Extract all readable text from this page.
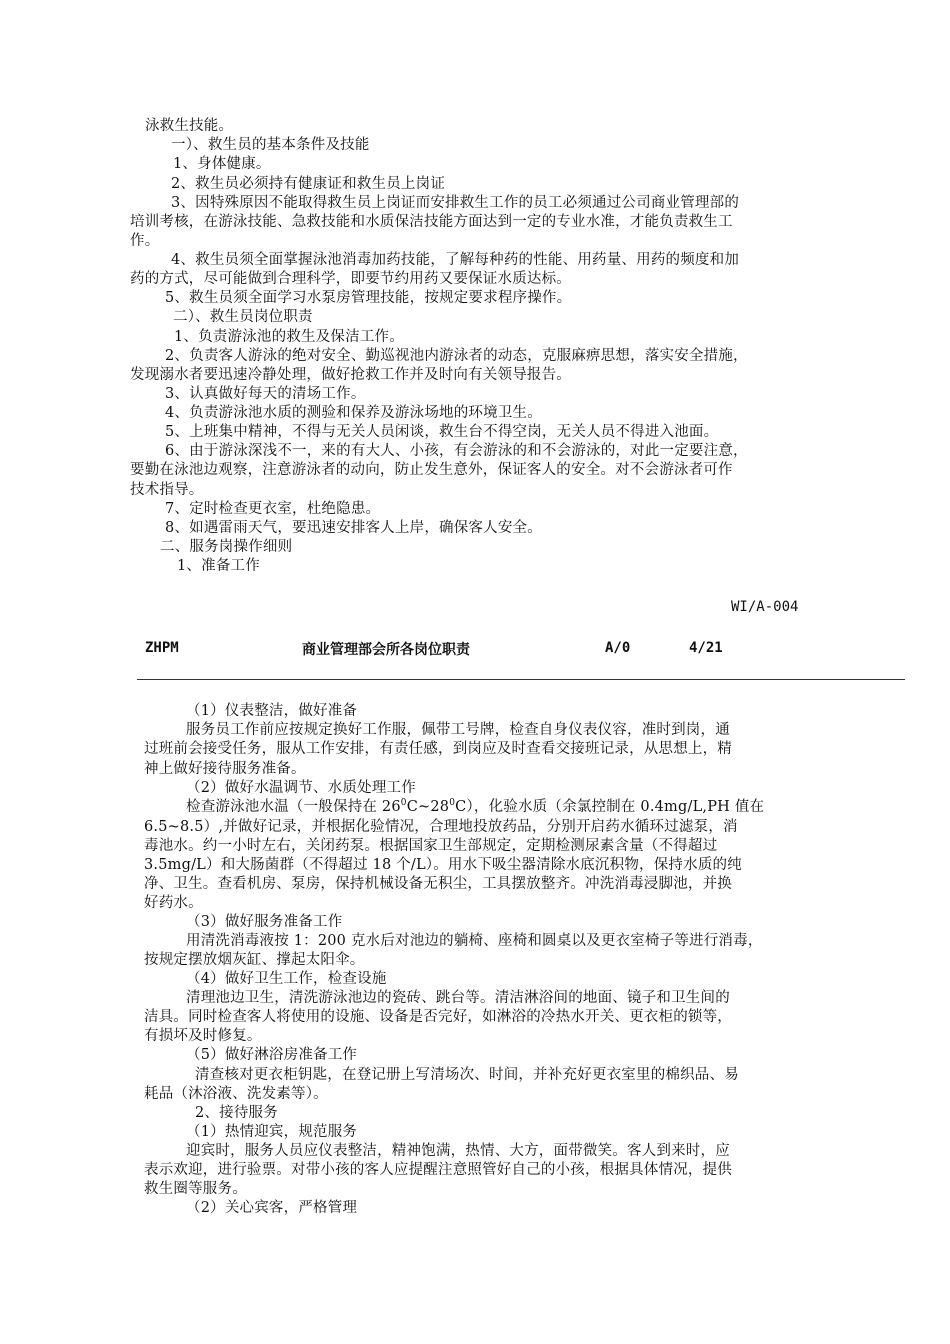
泳救生技能。
一）、救生员的基本条件及技能
1、身体健康。
2、救生员必须持有健康证和救生员上岗证
3、因特殊原因不能取得救生员上岗证而安排救生工作的员工必须通过公司商业管理部的
培训考核，在游泳技能、急救技能和水质保洁技能方面达到一定的专业水准，才能负责救生工
作。
4、救生员须全面掌握泳池消毒加药技能，了解每种药的性能、用药量、用药的频度和加
药的方式，尽可能做到合理科学，即要节约用药又要保证水质达标。
5、救生员须全面学习水泵房管理技能，按规定要求程序操作。
二）、救生员岗位职责
1、负责游泳池的救生及保洁工作。
2、负责客人游泳的绝对安全、勤巡视池内游泳者的动态，克服麻痹思想，落实安全措施，
发现溺水者要迅速冷静处理，做好抢救工作并及时向有关领导报告。
3、认真做好每天的清场工作。
4、负责游泳池水质的测验和保养及游泳场地的环境卫生。
5、上班集中精神，不得与无关人员闲谈，救生台不得空岗，无关人员不得进入池面。
6、由于游泳深浅不一，来的有大人、小孩，有会游泳的和不会游泳的，对此一定要注意，
要勤在泳池边观察，注意游泳者的动向，防止发生意外，保证客人的安全。对不会游泳者可作
技术指导。
7、定时检查更衣室，杜绝隐患。
8、如遇雷雨天气，要迅速安排客人上岸，确保客人安全。
二、服务岗操作细则
1、准备工作
WI/A-004
ZHPM	商业管理部会所各岗位职责	A/0	4/21
（1）仪表整洁，做好准备
服务员工作前应按规定换好工作服，佩带工号牌，检查自身仪表仪容，准时到岗，通
过班前会接受任务，服从工作安排，有责任感，到岗应及时查看交接班记录，从思想上，精
神上做好接待服务准备。
（2）做好水温调节、水质处理工作
检查游泳池水温（一般保持在 $26^0C\sim 28^0C$），化验水质（余氯控制在 0.4mg/L,PH 值在
6.5~8.5）,并做好记录，并根据化验情况，合理地投放药品，分别开启药水循环过滤泵，消
毒池水。约一小时左右，关闭药泵。根据国家卫生部规定，定期检测尿素含量（不得超过
3.5mg/L）和大肠菌群（不得超过 18 个/L）。用水下吸尘器清除水底沉积物，保持水质的纯
净、卫生。查看机房、泵房，保持机械设备无积尘，工具摆放整齐。冲洗消毒浸脚池，并换
好药水。
（3）做好服务准备工作
用清洗消毒液按 1：200 克水后对池边的躺椅、座椅和圆桌以及更衣室椅子等进行消毒，
按规定摆放烟灰缸、撑起太阳伞。
（4）做好卫生工作，检查设施
清理池边卫生，清洗游泳池边的瓷砖、跳台等。清洁淋浴间的地面、镜子和卫生间的
洁具。同时检查客人将使用的设施、设备是否完好，如淋浴的冷热水开关、更衣柜的锁等，
有损坏及时修复。
（5）做好淋浴房准备工作
清查核对更衣柜钥匙，在登记册上写清场次、时间，并补充好更衣室里的棉织品、易
耗品（沐浴液、洗发素等）。
2、接待服务
（1）热情迎宾，规范服务
迎宾时，服务人员应仪表整洁，精神饱满，热情、大方，面带微笑。客人到来时，应
表示欢迎，进行验票。对带小孩的客人应提醒注意照管好自己的小孩，根据具体情况，提供
救生圈等服务。
（2）关心宾客，严格管理
